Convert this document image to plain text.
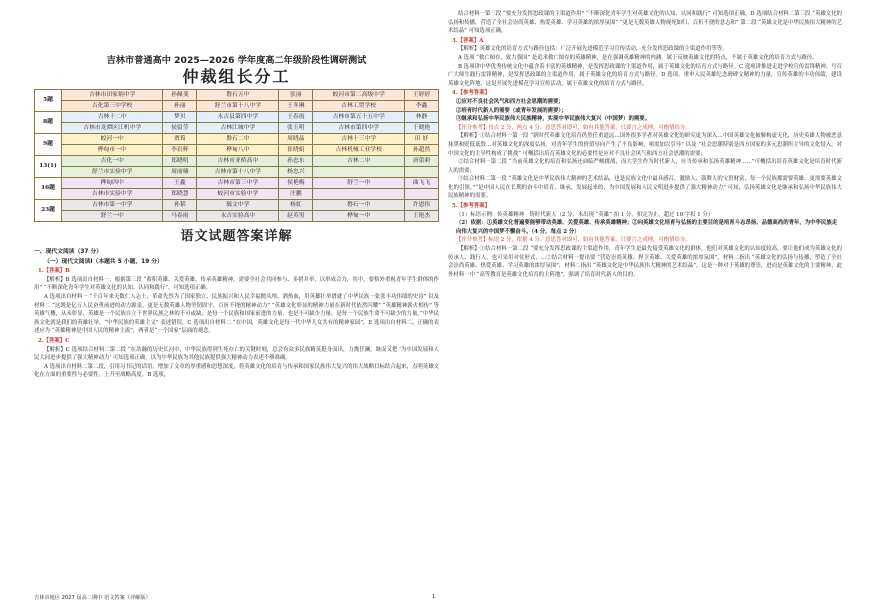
吉林市普通高中 2025—2026 学年度高二年级阶段性调研测试
仲裁组长分工
5题	吉林市田家炳中学	孙佩斐	磐石五中	张丽	蛟河市第二高级中学	王婷婷
	吉化第三中学校	孙丽	舒兰市第十八中学	王冬琳	吉林工贸学校	李鑫
8题	吉林十二中	梦贝	永吉县第四中学	王春霞	吉林市第五十五中学	林静
	吉林市龙潭区江机中学	侯留莹	吉林江城中学	张玉明	吉林市第四中学	于晓艳
9题	蛟河一中	贾筠	磐石二中	周晓晶	吉林十三中学	田 妤
	桦甸市一中	李岩辉	桦甸八中	崔晓娟	吉林机械工业学校	孙超然
13(1)	吉化一中	郑晓明	吉林市亚桥高中	孙忠东	吉林二中	唐蕾莉
	舒兰市实验中学	周丽楠	吉林市第十八中学	杨忠兴		
16题	桦甸四中	王鑫	吉林市第三中学	侯艳梅	舒兰一中	曲飞飞
	吉林市实验中学	郑晓慧	蛟河市实验中学	庄鹏		
23题	吉林市第一中学	孙韬	毓文中学	杨虹	磐石一中	许恩伟
	舒兰一中	马春雨	永吉实验高中	赵英男	桦甸一中	王艳杰
语文试题答案详解
一、现代文阅读（37 分）
（一）现代文阅读Ⅰ（本题共 5 小题，19 分）
1.【答案】B

【解析】B 选项出自材料一，根据第三段 “蓄积英雄、关爱英雄，传承英雄精神，需要全社会共同参与、多措并举，以形成合力，其中，要格外重视青年学生群体的作用” “不断深化青年学生对英雄文化的认知、认同和践行”，可知选项正确。

A 选项出自材料一 “千百年来无数仁人志士、革命先烈为了国家独立、民族振兴和人民幸福抛头颅、洒热血，用英雄壮举谱就了中华民族一张张丰功伟绩的史诗” 以及材料二 “这既是亿万人民奋勇前进的动力源泉，更是无数英雄人物坚韧固守、百折不挠的精神动力” “英雄文化彰显的精神力量在新时代依然闪耀” “英雄精神薪火相传” 等英雄气概，从未彰显，英雄是一个民族自立于世界民族之林的不可或缺，是每一个民族和国家前进的力量，也是不可缺少力量，是每一个民族生命不可缺少的力量。”中华民族文化就是我们的英雄壮举，“中华民族的英雄主义” 表述错误，C 选项出自材料二 “在中国，英雄文化是每一代中华儿女共有的精神家园”，E 选项出自材料二，正确的表述应为 “英雄精神是中国人民的精神主流”，两者是“一个国家”层面的观念。

2.【答案】C

【解析】C 选项结合材料二第二段 “在浩瀚的历史长河中，中华民族得到生死存亡的关键时刻，总会有众多民族精英挺身而出，力挽狂澜，继而又把 ‘为中国发展和人民大同进步提供了强大精神动力’ 可知选项正确，以为中华民族为其他民族提供强大精神动力表述不够准确。

A 选项出自材料二第二段，引用习书记的话语，增加了文章的厚重感和思想深度，将英雄文化的培育与传承和国家民族伟大复兴的伟大战略目标结合起来，点明英雄文化在方面的重要性与必要性，上升至战略高度。B 选项，

结合材料一第三段 “要充分发挥思政课的主渠道作用” “不断深化青年学生对英雄文化的认知、认同和践行” 可知选项正确。D 选项结合材料二第三段 “英雄文化的弘扬和传播，营造了全社会崇尚英雄、热爱英雄、学习英雄的浓厚氛围” “更是无数英雄人物视死如归、百折不挠的意志和” 第二段 “英雄文化是中华民族伟大精神的艺术结晶” 可知选项正确。

3.【答案】A

【解析】英雄文化的培育方式与路径包括：广泛开展先进模范学习宣传活动，充分发挥思政课的主渠道作用等等。

A 选项 “救亡图存、致力强国” 是追求救亡图存的英雄精神，是在强调英雄精神的内涵，属于反映英雄文化的特点，不属于英雄文化的培育方式与路径。

B 选项讲中华优秀传统文化中蕴含着丰富的英雄精神，是发挥思政课的主渠道作用，属于英雄文化的培育方式与路径。C 选项讲推进走进学校宣传雷锋精神、号召广大师生践行雷锋精神，是发挥思政课的主渠道作用，属于英雄文化的培育方式与路径。D 选项，重申人民英雄纪念碑碑文精神的力量，宣传英雄的丰功伟绩，建设英雄文化阵地，这是开展先进模范学习宣传活动，属于英雄文化的培育方式与路径。

4.【参考答案】
①应对不良社会风气和西方社会思潮的需要；
②培育时代新人的需要（或青年发展的需要）；
③继承和弘扬中华民族伟大民族精神，实现中华民族伟大复兴（中国梦）的需要。
【评分参考】每点 2 分，两点 4 分。意思答对即可，如有其他答案，只要言之成理，可酌情给分。

【解析】①结合材料一第一段 “新时代英雄文化培育仍然任重道远…国外很多学者对英雄文化的研究更为深入…中国英雄文化被解构虚无化，历史英雄人物被恶意抹黑和贬低诋毁…对英雄文化的深度弘扬，对青年学生的价值导向产生了不良影响，亟需加以引导” 以及 “社会思潮特别是西方国家的多元思潮所主导的文化侵入，对中国文化的主导性构成了挑战” 可概括出培育英雄文化的必要性是应对不良社会风气和西方社会思潮的需要；

②结合材料一第二段 “当前英雄文化的培育和弘扬还面临严峻挑战，而大学生作为时代新人，应当传承和弘扬英雄精神……”可概括出培育英雄文化是培育时代新人的需要；

③结合材料二第一段 “英雄文化是中华民族伟大精神的艺术结晶，也是民族文化中最具感召、激励人、鼓舞人的宝贵财富，每一个民族都需要英雄，更需要英雄文化的引领。”“是中国人民在长期的奋斗中培育、继承、发展起来的，为中国发展和人民文明进步提供了强大精神动力” 可知，弘扬英雄文化是继承和弘扬中华民族伟大民族精神的需要。

5.【参考答案】
（1）标语示例：传英雄精神　铸时代新人（2 分，未出现 “英雄” 扣 1 分，扣完为止，超过 10 字扣 1 分）
（2）依据：①英雄文化普遍要能够带动英雄、关爱英雄、传承英雄精神；②向英雄文化培育与弘扬的主要目的是培育斗志昂扬、品德高尚的青年，为中华民族走向伟大复兴的中国梦不懈奋斗。（4 分，每点 2 分）
【评分参考】标语 2 分，依据 4 分。意思答对即可，如有其他答案，只要言之成理，可酌情给分。

【解析】①结合材料一第二段 “要充分发挥思政课的主渠道作用，青年学生是最先接受英雄文化的群体，他们对英雄文化的认知度较高，要让他们成为英雄文化的传承人、践行人，也可采用对仗形式，…②结合材料一提出要 “营造崇尚英雄、捍卫英雄、关爱英雄的浓厚氛围”，材料二指出 “英雄文化的弘扬与传播，塑造了全社会崇尚英雄、热爱英雄、学习英雄的浓厚氛围”，材料二指出 “英雄文化是中华民族伟大精神的艺术结晶”，这是一种对于英雄的尊崇，进而是英雄文化的主要精神，此外材料一中 “高等教育是英雄文化培育的主阵地”，强调了培育时代新人的目的。

吉林市地区 2027 届高二期中 语文答案（详解版）	1
